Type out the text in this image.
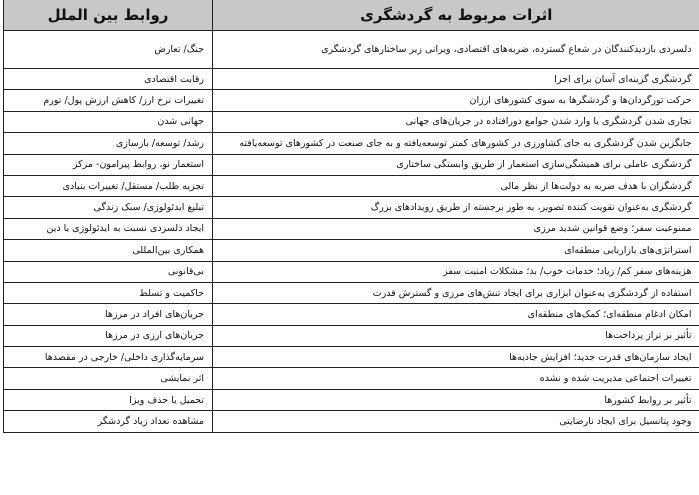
اثرات مربوط به گردشگری	روابط بین الملل
دلسردی بازدیدکنندگان در شعاع گسترده، ضربه‌های اقتصادی، ویرانی زیر ساختارهای گردشگری	جنگ/ تعارض
گردشگری گزینه‌ای آسان برای اجرا	رقابت اقتصادی
حرکت تورگردان‌ها و گردشگرها به سوی کشورهای ارزان	تغییرات نرخ ارز/ کاهش ارزش پول/ تورم
تجاری شدن گردشگری یا وارد شدن جوامع دورافتاده در جریان‌های جهانی	جهانی شدن
جایگزین شدن گردشگری به جای کشاورزی در کشورهای کمتر توسعه‌یافته و به جای صنعت در کشورهای توسعه‌یافته	رشد/ توسعه/ بازسازی
گردشگری عاملی برای همیشگی‌سازی استعمار از طریق وابستگی ساختاری	استعمار نو، روابط پیرامون- مرکز
گردشگران با هدف ضربه به دولت‌ها از نظر مالی	تجزیه طلب/ مستقل/ تغییرات بنیادی
گردشگری به‌عنوان تقویت کننده تصویر، به طور برجسته از طریق رویدادهای بزرگ	تبلیغ ایدئولوژی/ سبک زندگی
ممنوعیت سفر؛ وضع قوانین شدید مرزی	ایجاد دلسردی نسبت به ایدئولوژی یا دین
استراتژی‌های بازاریابی منطقه‌ای	همکاری بین‌المللی
هزینه‌های سفر کم/ زیاد؛ خدمات خوب/ بد؛ مشکلات امنیت سفر	بی‌قانونی
استفاده از گردشگری به‌عنوان ابزاری برای ایجاد تنش‌های مرزی و گسترش قدرت	حاکمیت و تسلط
امکان ادغام منطقه‌ای؛ کمک‌های منطقه‌ای	جریان‌های افراد در مرزها
تأثیر بر تراز پرداخت‌ها	جریان‌های ارزی در مرزها
ایجاد سازمان‌های قدرت جدید؛ افزایش جاذبه‌ها	سرمایه‌گذاری داخلی/ خارجی در مقصدها
تغییرات اجتماعی مدیریت شده و نشده	اثر نمایشی
تأثیر بر روابط کشورها	تحمیل یا حذف ویزا
وجود پتانسیل برای ایجاد نارضایتی	مشاهده تعداد زیاد گردشگر
